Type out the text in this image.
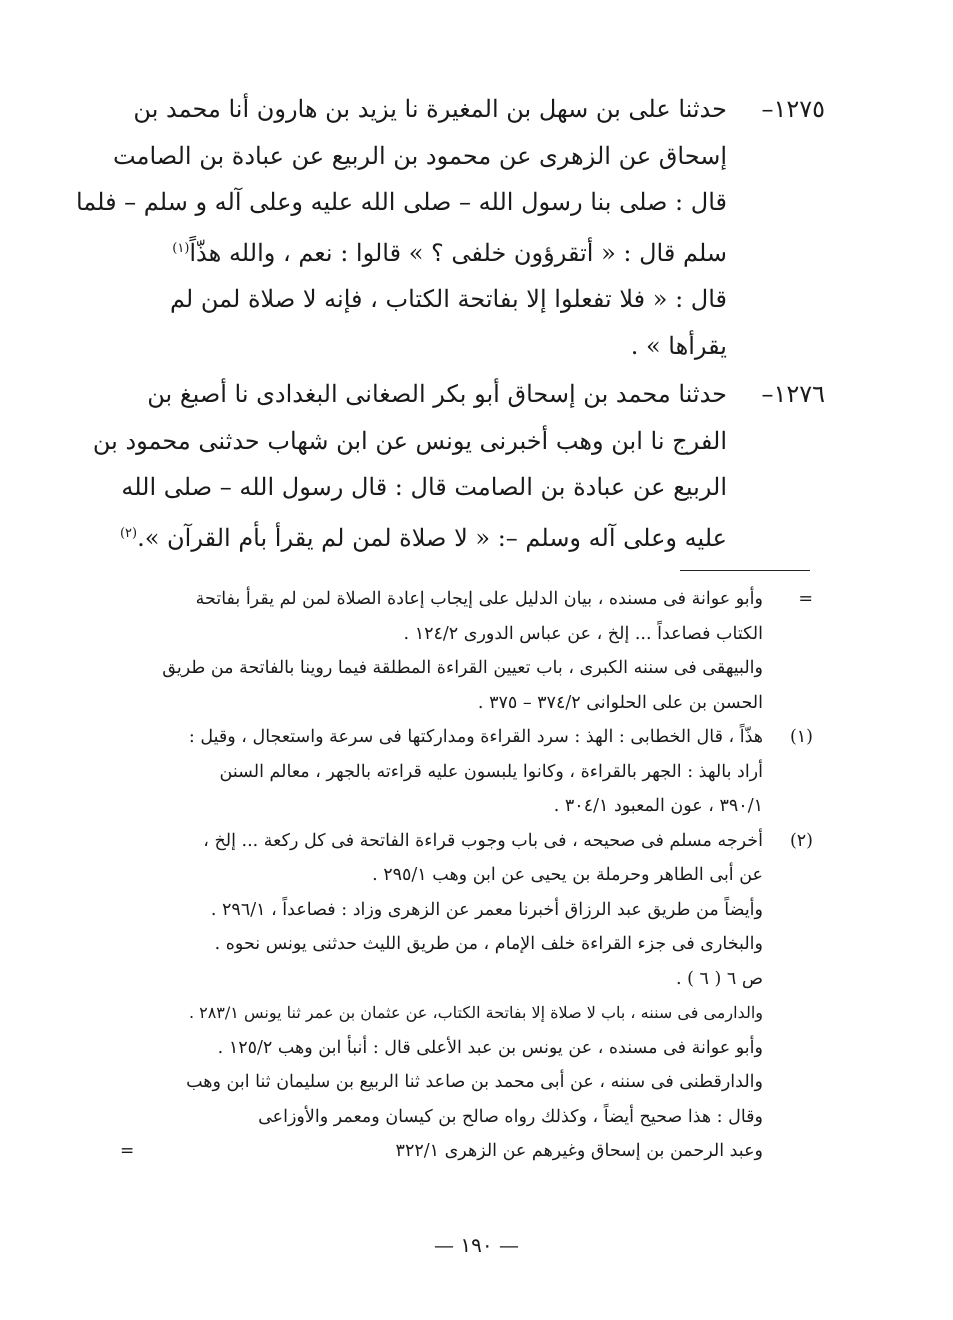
١٢٧٥–
حدثنا على بن سهل بن المغيرة نا يزيد بن هارون أنا محمد بن
إسحاق عن الزهرى عن محمود بن الربيع عن عبادة بن الصامت
قال : صلى بنا رسول الله – صلى الله عليه وعلى آله و سلم – فلما
سلم قال : « أتقرؤون خلفى ؟ » قالوا : نعم ، والله هذّاً$^{(١)}$
قال : « فلا تفعلوا إلا بفاتحة الكتاب ، فإنه لا صلاة لمن لم
يقرأها » .
١٢٧٦–
حدثنا محمد بن إسحاق أبو بكر الصغانى البغدادى نا أصبغ بن
الفرج نا ابن وهب أخبرنى يونس عن ابن شهاب حدثنى محمود بن
الربيع عن عبادة بن الصامت قال : قال رسول الله – صلى الله
عليه وعلى آله وسلم –: « لا صلاة لمن لم يقرأ بأم القرآن ».$^{(٢)}$
=
وأبو عوانة فى مسنده ، بيان الدليل على إيجاب إعادة الصلاة لمن لم يقرأ بفاتحة
الكتاب فصاعداً ... إلخ ، عن عباس الدورى ١٢٤/٢ .
والبيهقى فى سننه الكبرى ، باب تعيين القراءة المطلقة فيما روينا بالفاتحة من طريق
الحسن بن على الحلوانى ٣٧٤/٢ – ٣٧٥ .
(١)
هذّاً ، قال الخطابى : الهذ : سرد القراءة ومداركتها فى سرعة واستعجال ، وقيل :
أراد بالهذ : الجهر بالقراءة ، وكانوا يلبسون عليه قراءته بالجهر ، معالم السنن
٣٩٠/١ ، عون المعبود ٣٠٤/١ .
(٢)
أخرجه مسلم فى صحيحه ، فى باب وجوب قراءة الفاتحة فى كل ركعة ... إلخ ،
عن أبى الطاهر وحرملة بن يحيى عن ابن وهب ٢٩٥/١ .
وأيضاً من طريق عبد الرزاق أخبرنا معمر عن الزهرى وزاد : فصاعداً ، ٢٩٦/١ .
والبخارى فى جزء القراءة خلف الإمام ، من طريق الليث حدثنى يونس نحوه .
ص ٦ ( ٦ ) .
والدارمى فى سننه ، باب لا صلاة إلا بفاتحة الكتاب، عن عثمان بن عمر ثنا يونس ٢٨٣/١ .
وأبو عوانة فى مسنده ، عن يونس بن عبد الأعلى قال : أنبأ ابن وهب ١٢٥/٢ .
والدارقطنى فى سننه ، عن أبى محمد بن صاعد ثنا الربيع بن سليمان ثنا ابن وهب
وقال : هذا صحيح أيضاً ، وكذلك رواه صالح بن كيسان ومعمر والأوزاعى
وعبد الرحمن بن إسحاق وغيرهم عن الزهرى ٣٢٢/١
=
— ١٩٠ —
